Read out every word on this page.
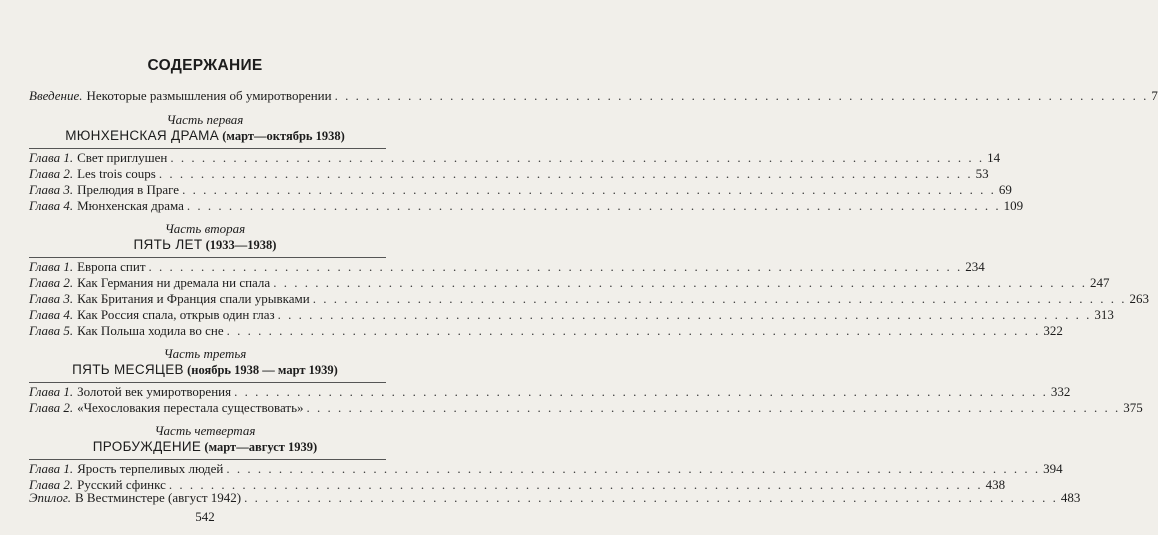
СОДЕРЖАНИЕ
Введение. Некоторые размышления об умиротворении . . .	7
Часть первая
МЮНХЕНСКАЯ ДРАМА (март—октябрь 1938)
Глава 1. Свет приглушен . . .	14
Глава 2. Les trois coups . . .	53
Глава 3. Прелюдия в Праге . . .	69
Глава 4. Мюнхенская драма . . .	109
Часть вторая
ПЯТЬ ЛЕТ (1933—1938)
Глава 1. Европа спит . . .	234
Глава 2. Как Германия ни дремала ни спала . . .	247
Глава 3. Как Британия и Франция спали урывками . . .	263
Глава 4. Как Россия спала, открыв один глаз . . .	313
Глава 5. Как Польша ходила во сне . . .	322
Часть третья
ПЯТЬ МЕСЯЦЕВ (ноябрь 1938 — март 1939)
Глава 1. Золотой век умиротворения . . .	332
Глава 2. «Чехословакия перестала существовать» . . .	375
Часть четвертая
ПРОБУЖДЕНИЕ (март—август 1939)
Глава 1. Ярость терпеливых людей . . .	394
Глава 2. Русский сфинкс . . .	438
Эпилог. В Вестминстере (август 1942) . . .	483
542
